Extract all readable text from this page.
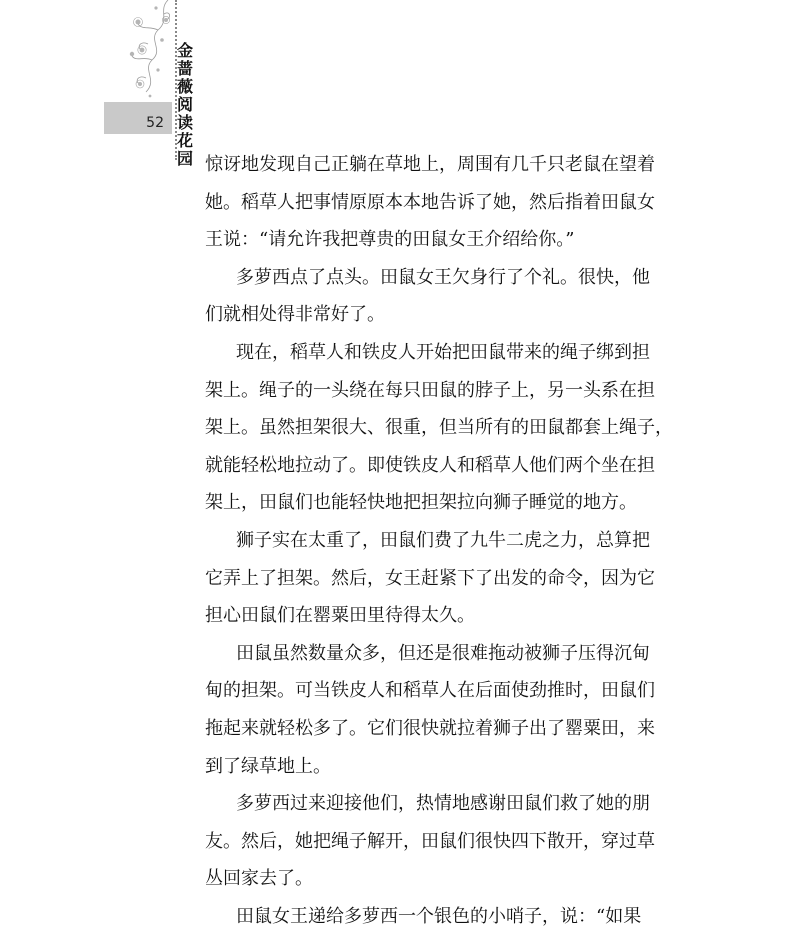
52
金蔷薇阅读花园 惊讶地发现自己正躺在草地上，周围有几千只老鼠在望着
她。稻草人把事情原原本本地告诉了她，然后指着田鼠女
王说：“请允许我把尊贵的田鼠女王介绍给你。”
多萝西点了点头。田鼠女王欠身行了个礼。很快，他
们就相处得非常好了。
现在，稻草人和铁皮人开始把田鼠带来的绳子绑到担
架上。绳子的一头绕在每只田鼠的脖子上，另一头系在担
架上。虽然担架很大、很重，但当所有的田鼠都套上绳子，
就能轻松地拉动了。即使铁皮人和稻草人他们两个坐在担
架上，田鼠们也能轻快地把担架拉向狮子睡觉的地方。
狮子实在太重了，田鼠们费了九牛二虎之力，总算把
它弄上了担架。然后，女王赶紧下了出发的命令，因为它
担心田鼠们在罂粟田里待得太久。
田鼠虽然数量众多，但还是很难拖动被狮子压得沉甸
甸的担架。可当铁皮人和稻草人在后面使劲推时，田鼠们
拖起来就轻松多了。它们很快就拉着狮子出了罂粟田，来
到了绿草地上。
多萝西过来迎接他们，热情地感谢田鼠们救了她的朋
友。然后，她把绳子解开，田鼠们很快四下散开，穿过草
丛回家去了。
田鼠女王递给多萝西一个银色的小哨子，说：“如果
